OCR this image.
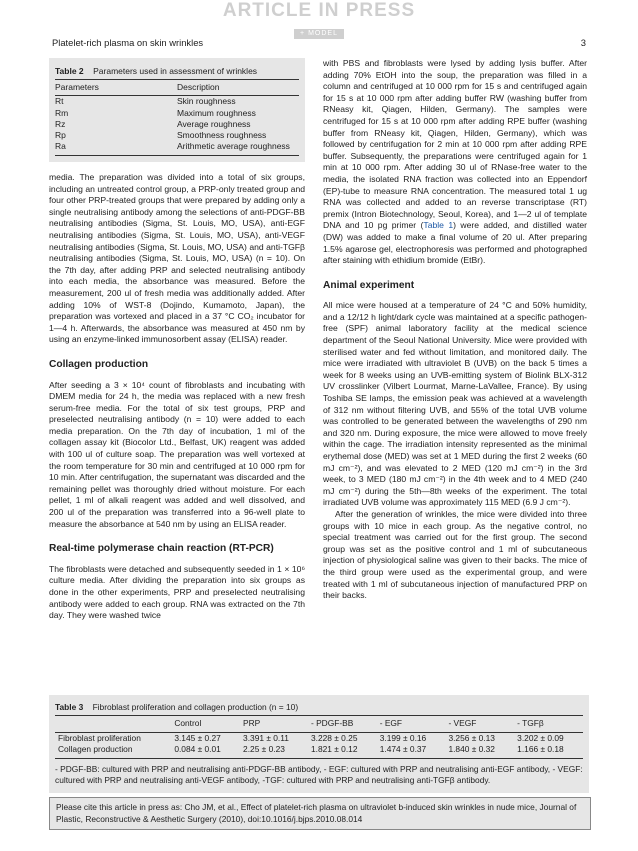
ARTICLE IN PRESS
+ MODEL
Platelet-rich plasma on skin wrinkles	3
Table 2 Parameters used in assessment of wrinkles
Parameters	Description
Rt	Skin roughness
Rm	Maximum roughness
Rz	Average roughness
Rp	Smoothness roughness
Ra	Arithmetic average roughness

media. The preparation was divided into a total of six groups, including an untreated control group, a PRP-only treated group and four other PRP-treated groups that were prepared by adding only a single neutralising antibody among the selections of anti-PDGF-BB neutralising antibodies (Sigma, St. Louis, MO, USA), anti-EGF neutralising antibodies (Sigma, St. Louis, MO, USA), anti-VEGF neutralising antibodies (Sigma, St. Louis, MO, USA) and anti-TGFβ neutralising antibodies (Sigma, St. Louis, MO, USA) (n = 10). On the 7th day, after adding PRP and selected neutralising antibody into each media, the absorbance was measured. Before the measurement, 200 ul of fresh media was additionally added. After adding 10% of WST-8 (Dojindo, Kumamoto, Japan), the preparation was vortexed and placed in a 37 °C CO₂ incubator for 1—4 h. Afterwards, the absorbance was measured at 450 nm by using an enzyme-linked immunosorbent assay (ELISA) reader.

Collagen production

After seeding a 3 × 10⁴ count of fibroblasts and incubating with DMEM media for 24 h, the media was replaced with a new fresh serum-free media. For the total of six test groups, PRP and preselected neutralising antibody (n = 10) were added to each media preparation. On the 7th day of incubation, 1 ml of the collagen assay kit (Biocolor Ltd., Belfast, UK) reagent was added with 100 ul of culture soap. The preparation was well vortexed at the room temperature for 30 min and centrifuged at 10 000 rpm for 10 min. After centrifugation, the supernatant was discarded and the remaining pellet was thoroughly dried without moisture. For each pellet, 1 ml of alkali reagent was added and well dissolved, and 200 ul of the preparation was transferred into a 96-well plate to measure the absorbance at 540 nm by using an ELISA reader.

Real-time polymerase chain reaction (RT-PCR)

The fibroblasts were detached and subsequently seeded in 1 × 10⁶ culture media. After dividing the preparation into six groups as done in the other experiments, PRP and preselected neutralising antibody were added to each group. RNA was extracted on the 7th day. They were washed twice

with PBS and fibroblasts were lysed by adding lysis buffer. After adding 70% EtOH into the soup, the preparation was filled in a column and centrifuged at 10 000 rpm for 15 s and centrifuged again for 15 s at 10 000 rpm after adding buffer RW (washing buffer from RNeasy kit, Qiagen, Hilden, Germany). The samples were centrifuged for 15 s at 10 000 rpm after adding RPE buffer (washing buffer from RNeasy kit, Qiagen, Hilden, Germany), which was followed by centrifugation for 2 min at 10 000 rpm after adding RPE buffer. Subsequently, the preparations were centrifuged again for 1 min at 10 000 rpm. After adding 30 ul of RNase-free water to the media, the isolated RNA fraction was collected into an Eppendorf (EP)-tube to measure RNA concentration. The measured total 1 ug RNA was collected and added to an reverse transcriptase (RT) premix (Intron Biotechnology, Seoul, Korea), and 1—2 ul of template DNA and 10 pg primer (Table 1) were added, and distilled water (DW) was added to make a final volume of 20 ul. After preparing 1.5% agarose gel, electrophoresis was performed and photographed after staining with ethidium bromide (EtBr).

Animal experiment

All mice were housed at a temperature of 24 °C and 50% humidity, and a 12/12 h light/dark cycle was maintained at a specific pathogen-free (SPF) animal laboratory facility at the medical science department of the Seoul National University. Mice were provided with sterilised water and fed without limitation, and monitored daily. The mice were irradiated with ultraviolet B (UVB) on the back 5 times a week for 8 weeks using an UVB-emitting system of Biolink BLX-312 UV crosslinker (Vilbert Lourmat, Marne-LaVallee, France). By using Toshiba SE lamps, the emission peak was achieved at a wavelength of 312 nm without filtering UVB, and 55% of the total UVB volume was controlled to be generated between the wavelengths of 290 nm and 320 nm. During exposure, the mice were allowed to move freely within the cage. The irradiation intensity represented as the minimal erythemal dose (MED) was set at 1 MED during the first 2 weeks (60 mJ cm⁻²), and was elevated to 2 MED (120 mJ cm⁻²) in the 3rd week, to 3 MED (180 mJ cm⁻²) in the 4th week and to 4 MED (240 mJ cm⁻²) during the 5th—8th weeks of the experiment. The total irradiated UVB volume was approximately 115 MED (6.9 J cm⁻²).

After the generation of wrinkles, the mice were divided into three groups with 10 mice in each group. As the negative control, no special treatment was carried out for the first group. The second group was set as the positive control and 1 ml of subcutaneous injection of physiological saline was given to their backs. The mice of the third group were used as the experimental group, and were treated with 1 ml of subcutaneous injection of manufactured PRP on their backs.

Table 3 Fibroblast proliferation and collagen production (n = 10)
	Control	PRP	- PDGF-BB	- EGF	- VEGF	- TGFβ
Fibroblast proliferation	3.145 ± 0.27	3.391 ± 0.11	3.228 ± 0.25	3.199 ± 0.16	3.256 ± 0.13	3.202 ± 0.09
Collagen production	0.084 ± 0.01	2.25 ± 0.23	1.821 ± 0.12	1.474 ± 0.37	1.840 ± 0.32	1.166 ± 0.18
- PDGF-BB: cultured with PRP and neutralising anti-PDGF-BB antibody, - EGF: cultured with PRP and neutralising anti-EGF antibody, - VEGF: cultured with PRP and neutralising anti-VEGF antibody, -TGF: cultured with PRP and neutralising anti-TGFβ antibody.
Please cite this article in press as: Cho JM, et al., Effect of platelet-rich plasma on ultraviolet b-induced skin wrinkles in nude mice, Journal of Plastic, Reconstructive & Aesthetic Surgery (2010), doi:10.1016/j.bjps.2010.08.014
